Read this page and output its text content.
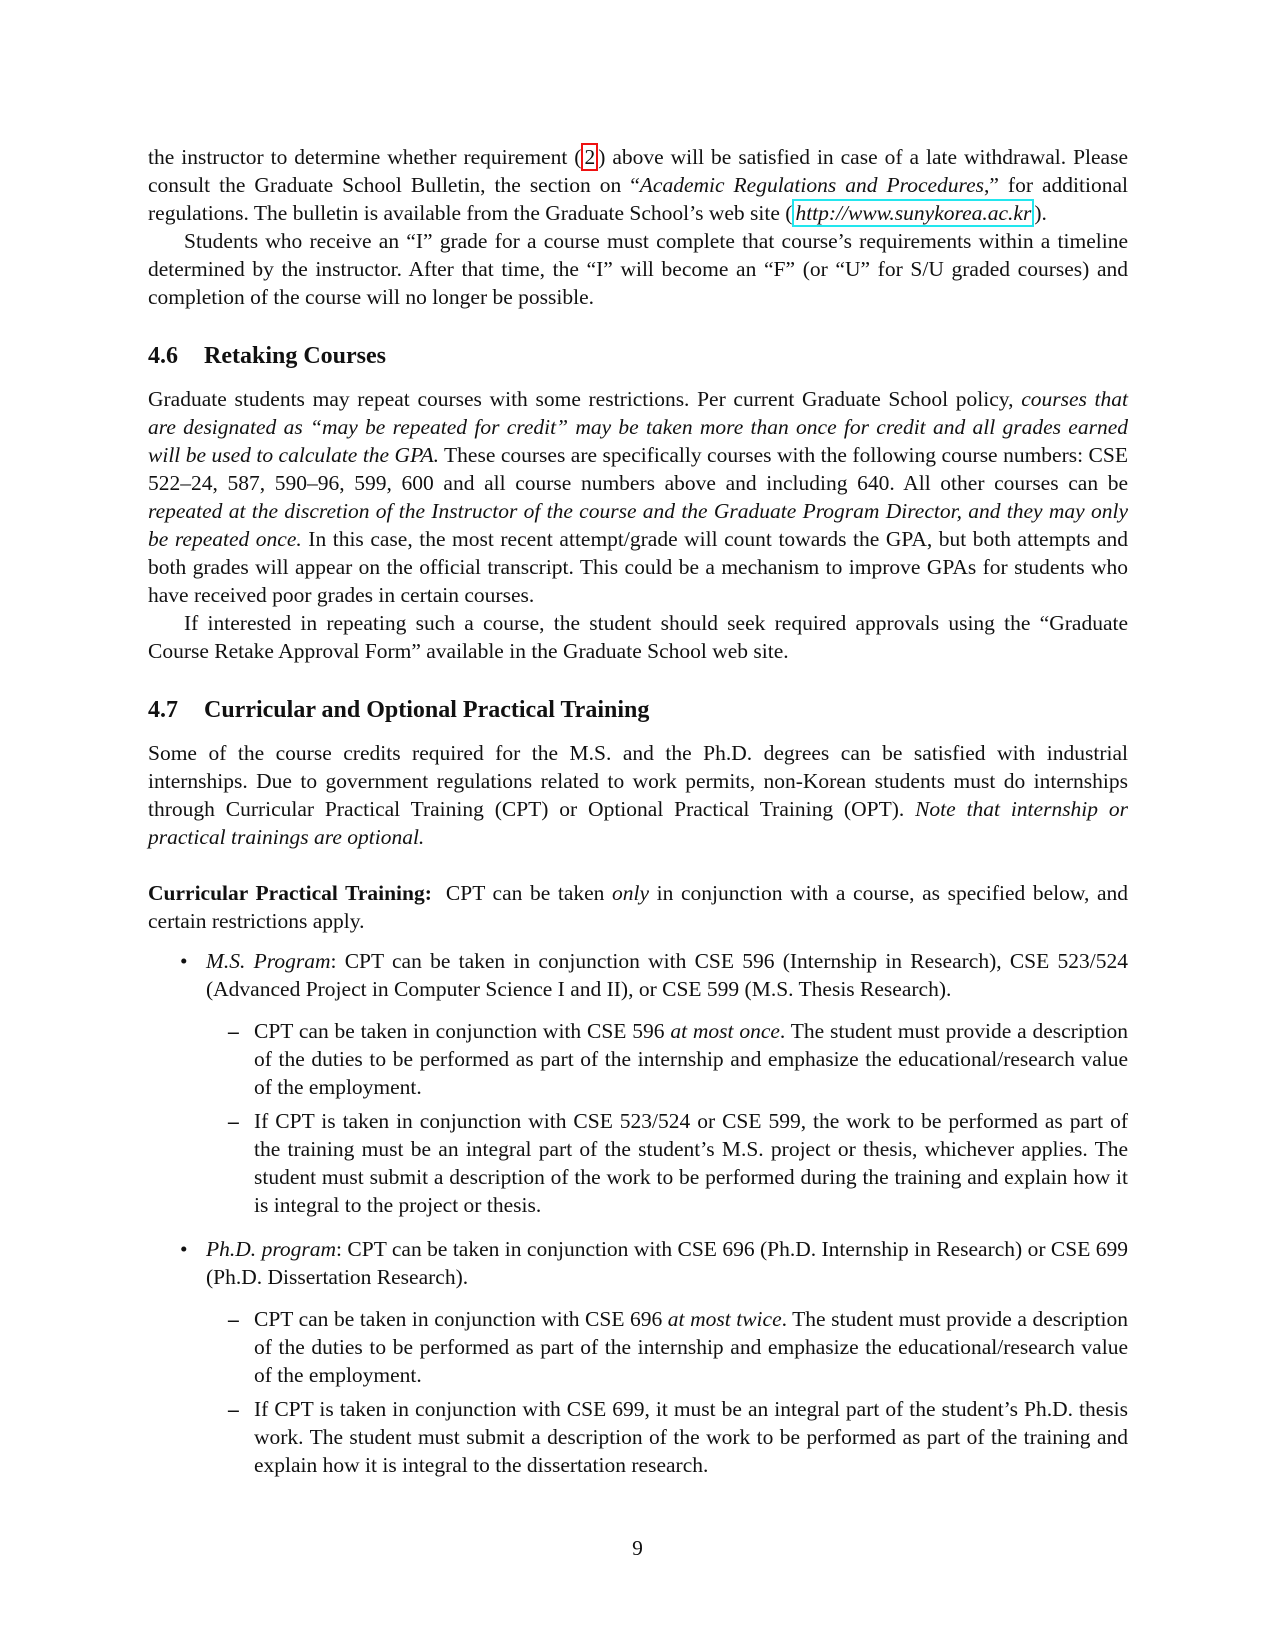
the instructor to determine whether requirement ( 2 ) above will be satisfied in case of a late withdrawal. Please consult the Graduate School Bulletin, the section on “Academic Regulations and Procedures,” for additional regulations. The bulletin is available from the Graduate School’s web site ( http://www.sunykorea.ac.kr ).

Students who receive an “I” grade for a course must complete that course’s requirements within a timeline determined by the instructor. After that time, the “I” will become an “F” (or “U” for S/U graded courses) and completion of the course will no longer be possible.

4.6 Retaking Courses

Graduate students may repeat courses with some restrictions. Per current Graduate School policy, courses that are designated as “may be repeated for credit” may be taken more than once for credit and all grades earned will be used to calculate the GPA. These courses are specifically courses with the following course numbers: CSE 522–24, 587, 590–96, 599, 600 and all course numbers above and including 640. All other courses can be repeated at the discretion of the Instructor of the course and the Graduate Program Director, and they may only be repeated once. In this case, the most recent attempt/grade will count towards the GPA, but both attempts and both grades will appear on the official transcript. This could be a mechanism to improve GPAs for students who have received poor grades in certain courses.

If interested in repeating such a course, the student should seek required approvals using the “Graduate Course Retake Approval Form” available in the Graduate School web site.

4.7 Curricular and Optional Practical Training

Some of the course credits required for the M.S. and the Ph.D. degrees can be satisfied with industrial internships. Due to government regulations related to work permits, non-Korean students must do internships through Curricular Practical Training (CPT) or Optional Practical Training (OPT). Note that internship or practical trainings are optional.

Curricular Practical Training: CPT can be taken only in conjunction with a course, as specified below, and certain restrictions apply.

• M.S. Program: CPT can be taken in conjunction with CSE 596 (Internship in Research), CSE 523/524 (Advanced Project in Computer Science I and II), or CSE 599 (M.S. Thesis Research).
– CPT can be taken in conjunction with CSE 596 at most once. The student must provide a description of the duties to be performed as part of the internship and emphasize the educational/research value of the employment.
– If CPT is taken in conjunction with CSE 523/524 or CSE 599, the work to be performed as part of the training must be an integral part of the student’s M.S. project or thesis, whichever applies. The student must submit a description of the work to be performed during the training and explain how it is integral to the project or thesis.
• Ph.D. program: CPT can be taken in conjunction with CSE 696 (Ph.D. Internship in Research) or CSE 699 (Ph.D. Dissertation Research).
– CPT can be taken in conjunction with CSE 696 at most twice. The student must provide a description of the duties to be performed as part of the internship and emphasize the educational/research value of the employment.
– If CPT is taken in conjunction with CSE 699, it must be an integral part of the student’s Ph.D. thesis work. The student must submit a description of the work to be performed as part of the training and explain how it is integral to the dissertation research.
9
